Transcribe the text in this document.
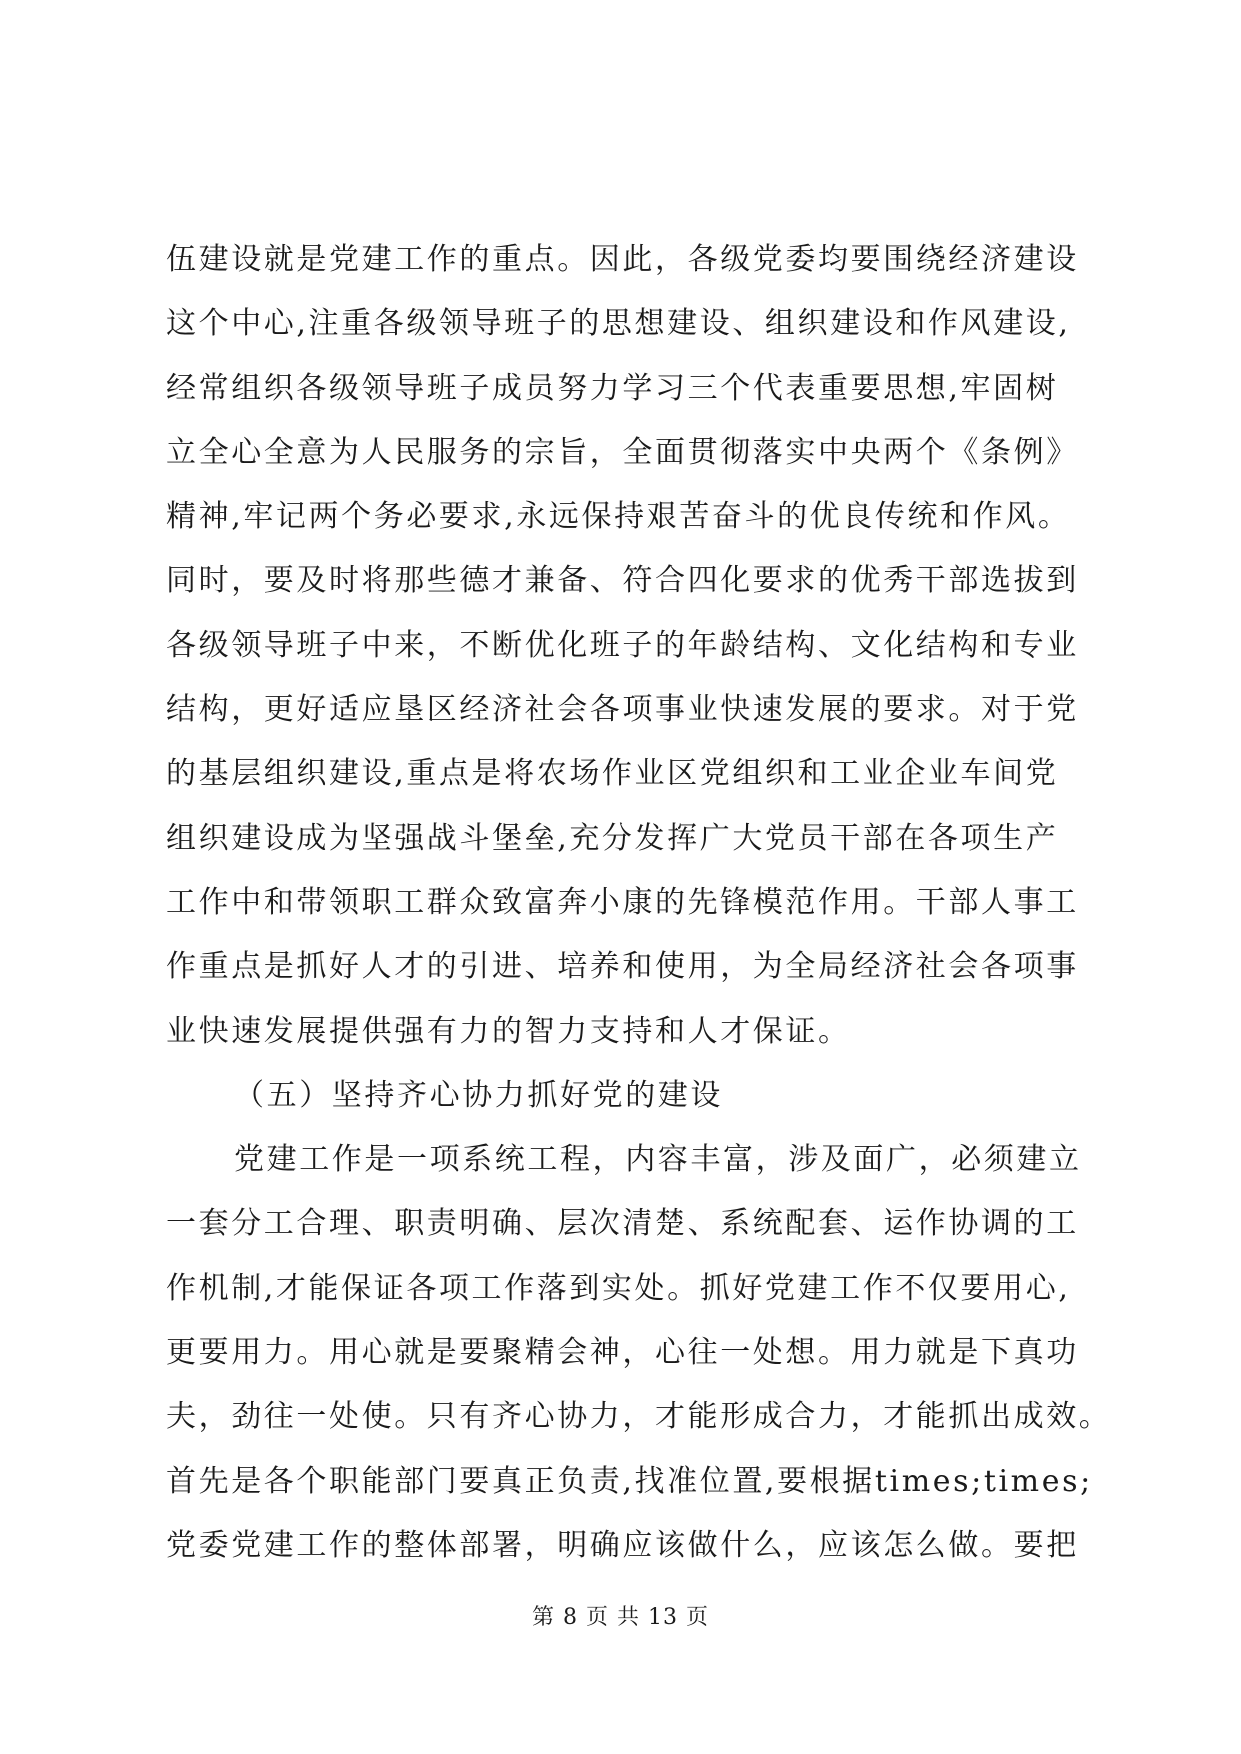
伍建设就是党建工作的重点。因此，各级党委均要围绕经济建设
这个中心,注重各级领导班子的思想建设、组织建设和作风建设,
经常组织各级领导班子成员努力学习三个代表重要思想,牢固树
立全心全意为人民服务的宗旨，全面贯彻落实中央两个《条例》
精神,牢记两个务必要求,永远保持艰苦奋斗的优良传统和作风。
同时，要及时将那些德才兼备、符合四化要求的优秀干部选拔到
各级领导班子中来，不断优化班子的年龄结构、文化结构和专业
结构，更好适应垦区经济社会各项事业快速发展的要求。对于党
的基层组织建设,重点是将农场作业区党组织和工业企业车间党
组织建设成为坚强战斗堡垒,充分发挥广大党员干部在各项生产
工作中和带领职工群众致富奔小康的先锋模范作用。干部人事工
作重点是抓好人才的引进、培养和使用，为全局经济社会各项事
业快速发展提供强有力的智力支持和人才保证。
（五）坚持齐心协力抓好党的建设
党建工作是一项系统工程，内容丰富，涉及面广，必须建立
一套分工合理、职责明确、层次清楚、系统配套、运作协调的工
作机制,才能保证各项工作落到实处。抓好党建工作不仅要用心,
更要用力。用心就是要聚精会神，心往一处想。用力就是下真功
夫，劲往一处使。只有齐心协力，才能形成合力，才能抓出成效。
首先是各个职能部门要真正负责,找准位置,要根据times;times;
党委党建工作的整体部署，明确应该做什么，应该怎么做。要把
第 8 页 共 13 页
